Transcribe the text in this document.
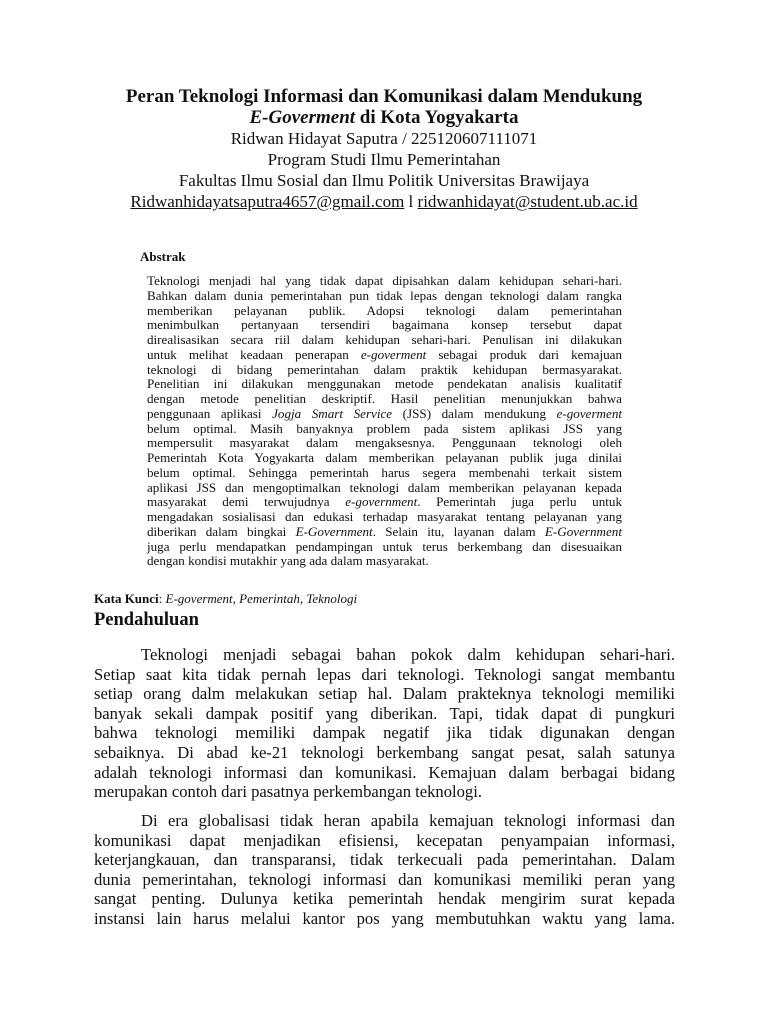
Peran Teknologi Informasi dan Komunikasi dalam Mendukung
E-Goverment di Kota Yogyakarta

Ridwan Hidayat Saputra / 225120607111071

Program Studi Ilmu Pemerintahan

Fakultas Ilmu Sosial dan Ilmu Politik Universitas Brawijaya

Ridwanhidayatsaputra4657@gmail.com l ridwanhidayat@student.ub.ac.id

Abstrak

Teknologi menjadi hal yang tidak dapat dipisahkan dalam kehidupan sehari-hari.
Bahkan dalam dunia pemerintahan pun tidak lepas dengan teknologi dalam rangka
memberikan pelayanan publik. Adopsi teknologi dalam pemerintahan
menimbulkan pertanyaan tersendiri bagaimana konsep tersebut dapat
direalisasikan secara riil dalam kehidupan sehari-hari. Penulisan ini dilakukan
untuk melihat keadaan penerapan e-goverment sebagai produk dari kemajuan
teknologi di bidang pemerintahan dalam praktik kehidupan bermasyarakat.
Penelitian ini dilakukan menggunakan metode pendekatan analisis kualitatif
dengan metode penelitian deskriptif. Hasil penelitian menunjukkan bahwa
penggunaan aplikasi Jogja Smart Service (JSS) dalam mendukung e-goverment
belum optimal. Masih banyaknya problem pada sistem aplikasi JSS yang
mempersulit masyarakat dalam mengaksesnya. Penggunaan teknologi oleh
Pemerintah Kota Yogyakarta dalam memberikan pelayanan publik juga dinilai
belum optimal. Sehingga pemerintah harus segera membenahi terkait sistem
aplikasi JSS dan mengoptimalkan teknologi dalam memberikan pelayanan kepada
masyarakat demi terwujudnya e-government. Pemerintah juga perlu untuk
mengadakan sosialisasi dan edukasi terhadap masyarakat tentang pelayanan yang
diberikan dalam bingkai E-Government. Selain itu, layanan dalam E-Government
juga perlu mendapatkan pendampingan untuk terus berkembang dan disesuaikan
dengan kondisi mutakhir yang ada dalam masyarakat.

Kata Kunci: E-goverment, Pemerintah, Teknologi

Pendahuluan

Teknologi menjadi sebagai bahan pokok dalm kehidupan sehari-hari.
Setiap saat kita tidak pernah lepas dari teknologi. Teknologi sangat membantu
setiap orang dalm melakukan setiap hal. Dalam prakteknya teknologi memiliki
banyak sekali dampak positif yang diberikan. Tapi, tidak dapat di pungkuri
bahwa teknologi memiliki dampak negatif jika tidak digunakan dengan
sebaiknya. Di abad ke-21 teknologi berkembang sangat pesat, salah satunya
adalah teknologi informasi dan komunikasi. Kemajuan dalam berbagai bidang
merupakan contoh dari pasatnya perkembangan teknologi.
Di era globalisasi tidak heran apabila kemajuan teknologi informasi dan
komunikasi dapat menjadikan efisiensi, kecepatan penyampaian informasi,
keterjangkauan, dan transparansi, tidak terkecuali pada pemerintahan. Dalam
dunia pemerintahan, teknologi informasi dan komunikasi memiliki peran yang
sangat penting. Dulunya ketika pemerintah hendak mengirim surat kepada
instansi lain harus melalui kantor pos yang membutuhkan waktu yang lama.
